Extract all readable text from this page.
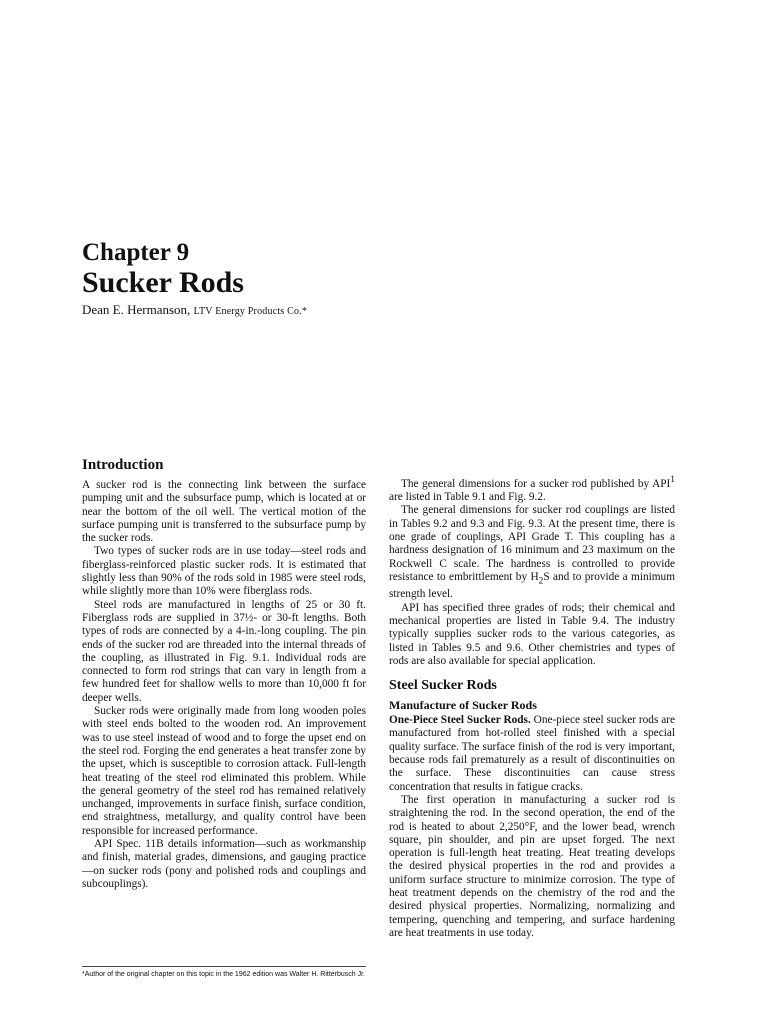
Chapter 9
Sucker Rods
Dean E. Hermanson, LTV Energy Products Co.*
Introduction

A sucker rod is the connecting link between the surface pumping unit and the subsurface pump, which is located at or near the bottom of the oil well. The vertical motion of the surface pumping unit is transferred to the subsurface pump by the sucker rods.

Two types of sucker rods are in use today—steel rods and fiberglass-reinforced plastic sucker rods. It is estimated that slightly less than 90% of the rods sold in 1985 were steel rods, while slightly more than 10% were fiberglass rods.

Steel rods are manufactured in lengths of 25 or 30 ft. Fiberglass rods are supplied in 37½- or 30-ft lengths. Both types of rods are connected by a 4-in.-long coupling. The pin ends of the sucker rod are threaded into the internal threads of the coupling, as illustrated in Fig. 9.1. Individual rods are connected to form rod strings that can vary in length from a few hundred feet for shallow wells to more than 10,000 ft for deeper wells.

Sucker rods were originally made from long wooden poles with steel ends bolted to the wooden rod. An improvement was to use steel instead of wood and to forge the upset end on the steel rod. Forging the end generates a heat transfer zone by the upset, which is susceptible to corrosion attack. Full-length heat treating of the steel rod eliminated this problem. While the general geometry of the steel rod has remained relatively unchanged, improvements in surface finish, surface condition, end straightness, metallurgy, and quality control have been responsible for increased performance.

API Spec. 11B details information—such as workmanship and finish, material grades, dimensions, and gauging practice—on sucker rods (pony and polished rods and couplings and subcouplings).

The general dimensions for a sucker rod published by API$^1$ are listed in Table 9.1 and Fig. 9.2.

The general dimensions for sucker rod couplings are listed in Tables 9.2 and 9.3 and Fig. 9.3. At the present time, there is one grade of couplings, API Grade T. This coupling has a hardness designation of 16 minimum and 23 maximum on the Rockwell C scale. The hardness is controlled to provide resistance to embrittlement by $H_2S$ and to provide a minimum strength level.

API has specified three grades of rods; their chemical and mechanical properties are listed in Table 9.4. The industry typically supplies sucker rods to the various categories, as listed in Tables 9.5 and 9.6. Other chemistries and types of rods are also available for special application.

Steel Sucker Rods
Manufacture of Sucker Rods

One-Piece Steel Sucker Rods. One-piece steel sucker rods are manufactured from hot-rolled steel finished with a special quality surface. The surface finish of the rod is very important, because rods fail prematurely as a result of discontinuities on the surface. These discontinuities can cause stress concentration that results in fatigue cracks.

The first operation in manufacturing a sucker rod is straightening the rod. In the second operation, the end of the rod is heated to about 2,250°F, and the lower bead, wrench square, pin shoulder, and pin are upset forged. The next operation is full-length heat treating. Heat treating develops the desired physical properties in the rod and provides a uniform surface structure to minimize corrosion. The type of heat treatment depends on the chemistry of the rod and the desired physical properties. Normalizing, normalizing and tempering, quenching and tempering, and surface hardening are heat treatments in use today.

*Author of the original chapter on this topic in the 1962 edition was Walter H. Ritterbusch Jr.
